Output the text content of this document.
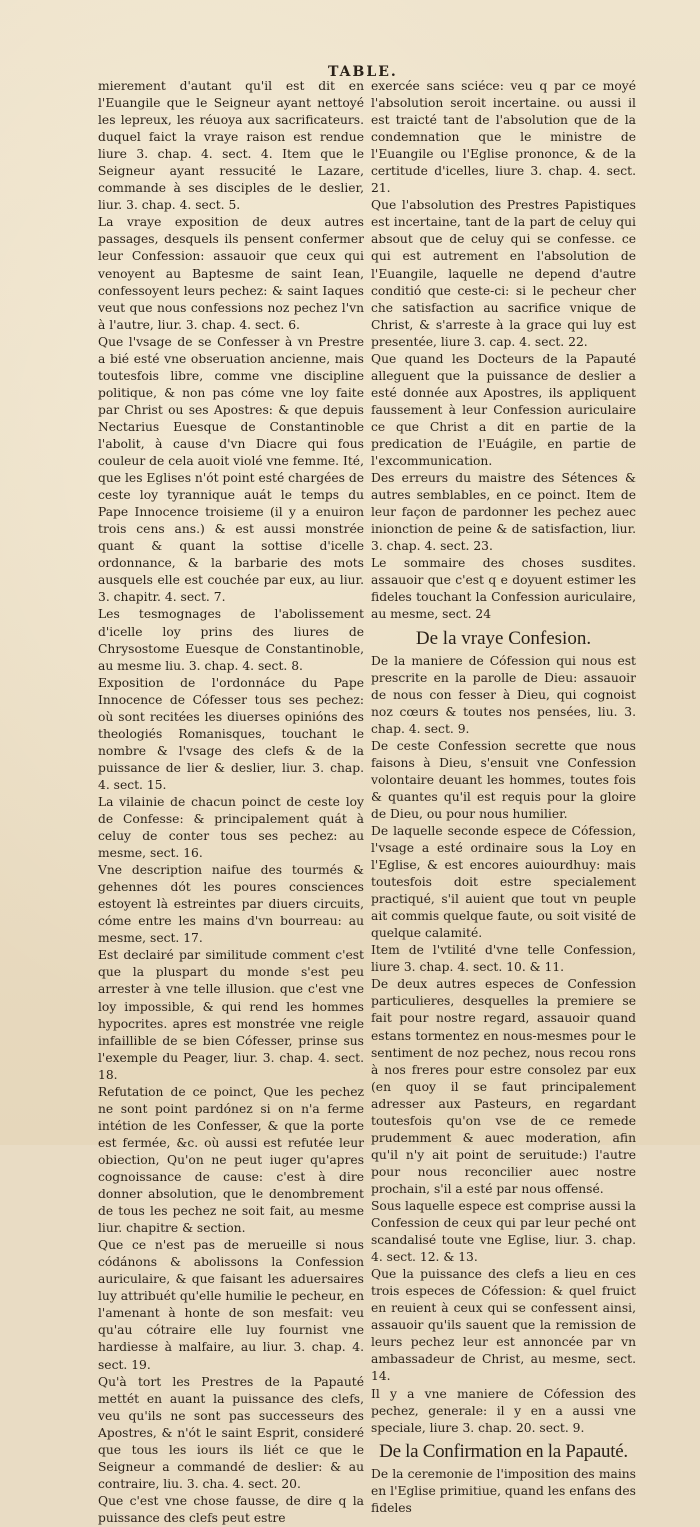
TABLE.

mierement d'autant qu'il est dit en l'Euangile que le Seigneur ayant nettoyé les lepreux, les réuoya aux sacrificateurs. duquel faict la vraye raison est rendue liure 3. chap. 4. sect. 4. Item que le Seigneur ayant ressucité le Lazare, commande à ses disciples de le deslier, liur. 3. chap. 4. sect. 5.

La vraye exposition de deux autres passages, desquels ils pensent confermer leur Confession: assauoir que ceux qui venoyent au Baptesme de saint Iean, confessoyent leurs pechez: & saint Iaques veut que nous confessions noz pechez l'vn à l'autre, liur. 3. chap. 4. sect. 6.

Que l'vsage de se Confesser à vn Prestre a bié esté vne obseruation ancienne, mais toutesfois libre, comme vne discipline politique, & non pas cóme vne loy faite par Christ ou ses Apostres: & que depuis Nectarius Euesque de Constantinoble l'abolit, à cause d'vn Diacre qui fous couleur de cela auoit violé vne femme. Ité, que les Eglises n'ót point esté chargées de ceste loy tyrannique auát le temps du Pape Innocence troisieme (il y a enuiron trois cens ans.) & est aussi monstrée quant & quant la sottise d'icelle ordonnance, & la barbarie des mots ausquels elle est couchée par eux, au liur. 3. chapitr. 4. sect. 7.

Les tesmognages de l'abolissement d'icelle loy prins des liures de Chrysostome Euesque de Constantinoble, au mesme liu. 3. chap. 4. sect. 8.

Exposition de l'ordonnáce du Pape Innocence de Cófesser tous ses pechez: où sont recitées les diuerses opinións des theologiés Romanisques, touchant le nombre & l'vsage des clefs & de la puissance de lier & deslier, liur. 3. chap. 4. sect. 15.

La vilainie de chacun poinct de ceste loy de Confesse: & principalement quát à celuy de conter tous ses pechez: au mesme, sect. 16.

Vne description naifue des tourmés & gehennes dót les poures consciences estoyent là estreintes par diuers circuits, cóme entre les mains d'vn bourreau: au mesme, sect. 17.

Est declairé par similitude comment c'est que la pluspart du monde s'est peu arrester à vne telle illusion. que c'est vne loy impossible, & qui rend les hommes hypocrites. apres est monstrée vne reigle infaillible de se bien Cófesser, prinse sus l'exemple du Peager, liur. 3. chap. 4. sect. 18.

Refutation de ce poinct, Que les pechez ne sont point pardónez si on n'a ferme intétion de les Confesser, & que la porte est fermée, &c. où aussi est refutée leur obiection, Qu'on ne peut iuger qu'apres cognoissance de cause: c'est à dire donner absolution, que le denombrement de tous les pechez ne soit fait, au mesme liur. chapitre & section.

Que ce n'est pas de merueille si nous códánons & abolissons la Confession auriculaire, & que faisant les aduersaires luy attribuét qu'elle humilie le pecheur, en l'amenant à honte de son mesfait: veu qu'au cótraire elle luy fournist vne hardiesse à malfaire, au liur. 3. chap. 4. sect. 19.

Qu'à tort les Prestres de la Papauté mettét en auant la puissance des clefs, veu qu'ils ne sont pas successeurs des Apostres, & n'ót le saint Esprit, consideré que tous les iours ils liét ce que le Seigneur a commandé de deslier: & au contraire, liu. 3. cha. 4. sect. 20.

Que c'est vne chose fausse, de dire q la puissance des clefs peut estre

exercée sans sciéce: veu q par ce moyé l'absolution seroit incertaine. ou aussi il est traicté tant de l'absolution que de la condemnation que le ministre de l'Euangile ou l'Eglise prononce, & de la certitude d'icelles, liure 3. chap. 4. sect. 21.

Que l'absolution des Prestres Papistiques est incertaine, tant de la part de celuy qui absout que de celuy qui se confesse. ce qui est autrement en l'absolution de l'Euangile, laquelle ne depend d'autre conditió que ceste-ci: si le pecheur cher che satisfaction au sacrifice vnique de Christ, & s'arreste à la grace qui luy est presentée, liure 3. cap. 4. sect. 22.

Que quand les Docteurs de la Papauté alleguent que la puissance de deslier a esté donnée aux Apostres, ils appliquent faussement à leur Confession auriculaire ce que Christ a dit en partie de la predication de l'Euágile, en partie de l'excommunication.

Des erreurs du maistre des Sétences & autres semblables, en ce poinct. Item de leur façon de pardonner les pechez auec inionction de peine & de satisfaction, liur. 3. chap. 4. sect. 23.

Le sommaire des choses susdites. assauoir que c'est q e doyuent estimer les fideles touchant la Confession auriculaire, au mesme, sect. 24

De la vraye Confesion.

De la maniere de Cófession qui nous est prescrite en la parolle de Dieu: assauoir de nous con fesser à Dieu, qui cognoist noz cœurs & toutes nos pensées, liu. 3. chap. 4. sect. 9.

De ceste Confession secrette que nous faisons à Dieu, s'ensuit vne Confession volontaire deuant les hommes, toutes fois & quantes qu'il est requis pour la gloire de Dieu, ou pour nous humilier.

De laquelle seconde espece de Cófession, l'vsage a esté ordinaire sous la Loy en l'Eglise, & est encores auiourdhuy: mais toutesfois doit estre specialement practiqué, s'il auient que tout vn peuple ait commis quelque faute, ou soit visité de quelque calamité.

Item de l'vtilité d'vne telle Confession, liure 3. chap. 4. sect. 10. & 11.

De deux autres especes de Confession particulieres, desquelles la premiere se fait pour nostre regard, assauoir quand estans tormentez en nous-mesmes pour le sentiment de noz pechez, nous recou rons à nos freres pour estre consolez par eux (en quoy il se faut principalement adresser aux Pasteurs, en regardant toutesfois qu'on vse de ce remede prudemment & auec moderation, afin qu'il n'y ait point de seruitude:) l'autre pour nous reconcilier auec nostre prochain, s'il a esté par nous offensé.

Sous laquelle espece est comprise aussi la Confession de ceux qui par leur peché ont scandalisé toute vne Eglise, liur. 3. chap. 4. sect. 12. & 13.

Que la puissance des clefs a lieu en ces trois especes de Cófession: & quel fruict en reuient à ceux qui se confessent ainsi, assauoir qu'ils sauent que la remission de leurs pechez leur est annoncée par vn ambassadeur de Christ, au mesme, sect. 14.

Il y a vne maniere de Cófession des pechez, generale: il y en a aussi vne speciale, liure 3. chap. 20. sect. 9.

De la Confirmation en la Papauté.

De la ceremonie de l'imposition des mains en l'Eglise primitiue, quand les enfans des fideles
